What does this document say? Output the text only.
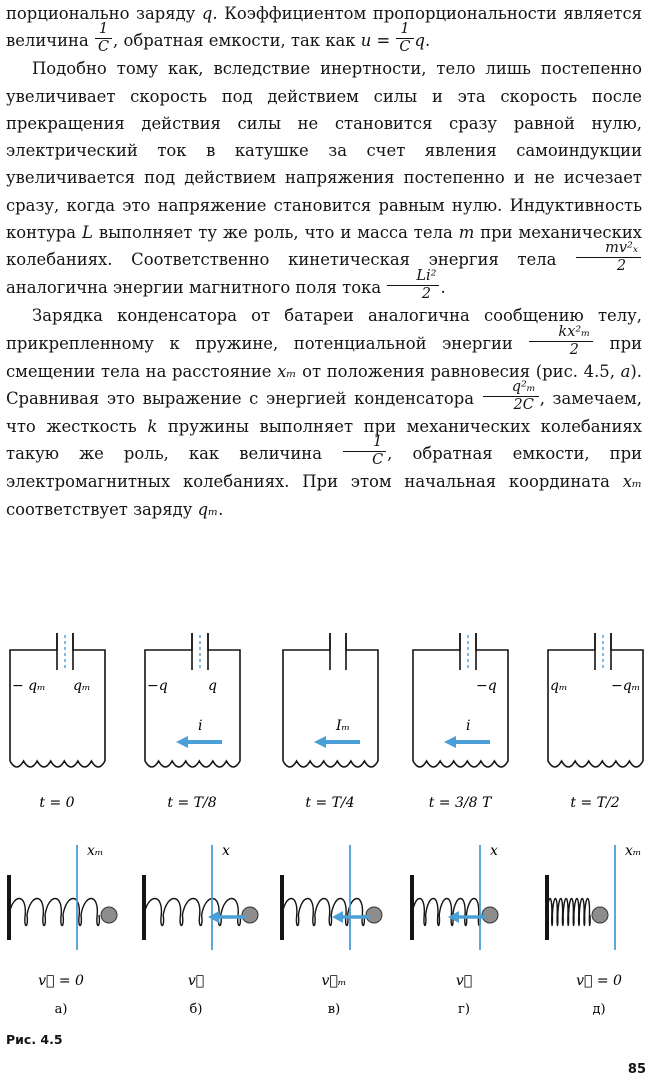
порционально заряду q. Коэффициентом пропорциональности является величина $\frac{1}{C}$ , обратная емкости, так как $u = \frac{1}{C} q$.

Подобно тому как, вследствие инертности, тело лишь постепенно увеличивает скорость под действием силы и эта скорость после прекращения действия силы не становится сразу равной нулю, электрический ток в катушке за счет явления самоиндукции увеличивается под действием напряжения постепенно и не исчезает сразу, когда это напряжение становится равным нулю. Индуктивность контура L выполняет ту же роль, что и масса тела m при механических колебаниях. Соответственно кинетическая энергия тела $\frac{\text{mv²ₓ}}{2}$
аналогична энергии магнитного поля тока $\frac{\text{Li²}}{2}$ .

Зарядка конденсатора от батареи аналогична сообщению телу, прикрепленному к пружине, потенциальной энергии $\frac{\text{kx²ₘ}}{2}$ при смещении тела на расстояние xₘ от положения равновесия (рис. 4.5, а). Сравнивая это выражение с энергией конденсатора $\frac{\text{q²ₘ}}{2C}$ , замечаем, что жесткость k пружины выполняет при механических колебаниях такую же роль, как величина $\frac{1}{C}$ , обратная емкости, при электромагнитных колебаниях. При этом начальная координата xₘ соответствует заряду qₘ.

− qₘ qₘ
t = 0
−q	q
i
t = T/8
Iₘ
t = T/4
−q
i
t = 3/8 T
qₘ	−qₘ
t = T/2
xₘ
v⃗ = 0
а)
x
v⃗
б)
v⃗ₘ
в)
x
v⃗
г)
xₘ
v⃗ = 0
д)
Рис. 4.5
85
